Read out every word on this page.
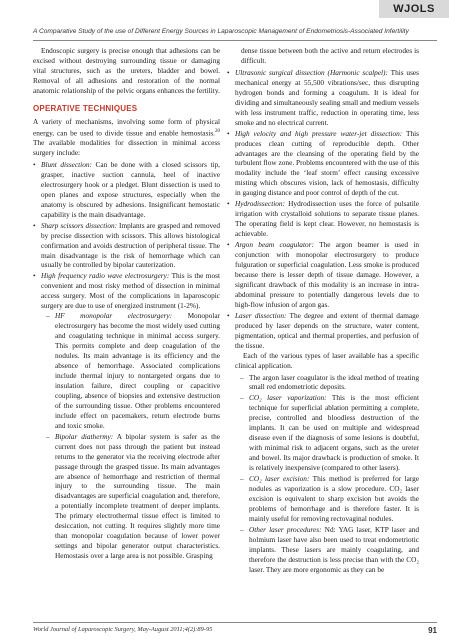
WJOLS
A Comparative Study of the use of Different Energy Sources in Laparoscopic Management of Endometriosis-Associated Infertility

Endoscopic surgery is precise enough that adhesions can be excised without destroying surrounding tissue or damaging vital structures, such as the ureters, bladder and bowel. Removal of all adhesions and restoration of the normal anatomic relationship of the pelvic organs enhances the fertility.

OPERATIVE TECHNIQUES

A variety of mechanisms, involving some form of physical energy, can be used to divide tissue and enable hemostasis.$^{20}$ The available modalities for dissection in minimal access surgery include:

• Blunt dissection: Can be done with a closed scissors tip, grasper, inactive suction cannula, heel of inactive electrosurgery hook or a pledget. Blunt dissection is used to open planes and expose structures, especially when the anatomy is obscured by adhesions. Insignificant hemostatic capability is the main disadvantage.
• Sharp scissors dissection: Implants are grasped and removed by precise dissection with scissors. This allows histological confirmation and avoids destruction of peripheral tissue. The main disadvantage is the risk of hemorrhage which can usually be controlled by bipolar cauterization.
• High frequency radio wave electrosurgery: This is the most convenient and most risky method of dissection in minimal access surgery. Most of the complications in laparoscopic surgery are due to use of energized instrument (1-2%).
– HF monopolar electrosurgery: Monopolar electrosurgery has become the most widely used cutting and coagulating technique in minimal access surgery. This permits complete and deep coagulation of the nodules. Its main advantage is its efficiency and the absence of hemorrhage. Associated complications include thermal injury to nontargeted organs due to insulation failure, direct coupling or capacitive coupling, absence of biopsies and extensive destruction of the surrounding tissue. Other problems encountered include effect on pacemakers, return electrode burns and toxic smoke.
– Bipolar diathermy: A bipolar system is safer as the current does not pass through the patient but instead returns to the generator via the receiving electrode after passage through the grasped tissue. Its main advantages are absence of hemorrhage and restriction of thermal injury to the surrounding tissue. The main disadvantages are superficial coagulation and, therefore, a potentially incomplete treatment of deeper implants. The primary electrothermal tissue effect is limited to desiccation, not cutting. It requires slightly more time than monopolar coagulation because of lower power settings and bipolar generator output characteristics. Hemostasis over a large area is not possible. Grasping

dense tissue between both the active and return electrodes is difficult.

• Ultrasonic surgical dissection (Harmonic scalpel): This uses mechanical energy at 55,500 vibrations/sec, thus disrupting hydrogen bonds and forming a coagulum. It is ideal for dividing and simultaneously sealing small and medium vessels with less instrument traffic, reduction in operating time, less smoke and no electrical current.
• High velocity and high pressure water-jet dissection: This produces clean cutting of reproducible depth. Other advantages are the cleansing of the operating field by the turbulent flow zone. Problems encountered with the use of this modality include the ‘leaf storm’ effect causing excessive misting which obscures vision, lack of hemostasis, difficulty in gauging distance and poor control of depth of the cut.
• Hydrodissection: Hydrodissection uses the force of pulsatile irrigation with crystalloid solutions to separate tissue planes. The operating field is kept clear. However, no hemostasis is achievable.
• Argon beam coagulator: The argon beamer is used in conjunction with monopolar electrosurgery to produce fulguration or superficial coagulation. Less smoke is produced because there is lesser depth of tissue damage. However, a significant drawback of this modality is an increase in intra-abdominal pressure to potentially dangerous levels due to high-flow infusion of argon gas.
• Laser dissection: The degree and extent of thermal damage produced by laser depends on the structure, water content, pigmentation, optical and thermal properties, and perfusion of the tissue.

Each of the various types of laser available has a specific clinical application.

– The argon laser coagulator is the ideal method of treating small red endometriotic deposits.
– CO₂ laser vaporization: This is the most efficient technique for superficial ablation permitting a complete, precise, controlled and bloodless destruction of the implants. It can be used on multiple and widespread disease even if the diagnosis of some lesions is doubtful, with minimal risk to adjacent organs, such as the ureter and bowel. Its major drawback is production of smoke. It is relatively inexpensive (compared to other lasers).
– CO₂ laser excision: This method is preferred for large nodules as vaporization is a slow procedure. CO₂ laser excision is equivalent to sharp excision but avoids the problems of hemorrhage and is therefore faster. It is mainly useful for removing rectovaginal nodules.
– Other laser procedures: Nd: YAG laser, KTP laser and holmium laser have also been used to treat endometriotic implants. These lasers are mainly coagulating, and therefore the destruction is less precise than with the CO₂ laser. They are more ergonomic as they can be
World Journal of Laparoscopic Surgery, May-August 2011;4(2):89-95	91
